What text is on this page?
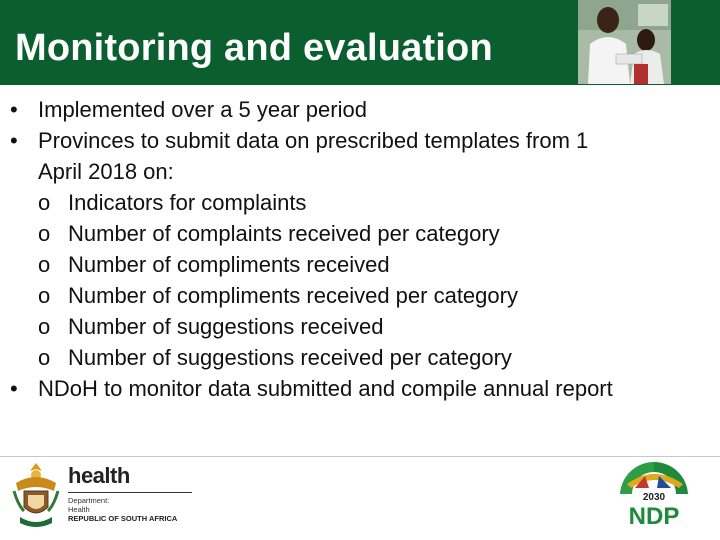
Monitoring and evaluation
• Implemented over a 5 year period
• Provinces to submit data on prescribed templates from 1
April 2018 on:
o Indicators for complaints
o Number of complaints received per category
o Number of compliments received
o Number of compliments received per category
o Number of suggestions received
o Number of suggestions received per category
• NDoH to monitor data submitted and compile annual report
health
Department:
Health
REPUBLIC OF SOUTH AFRICA
2030
NDP
